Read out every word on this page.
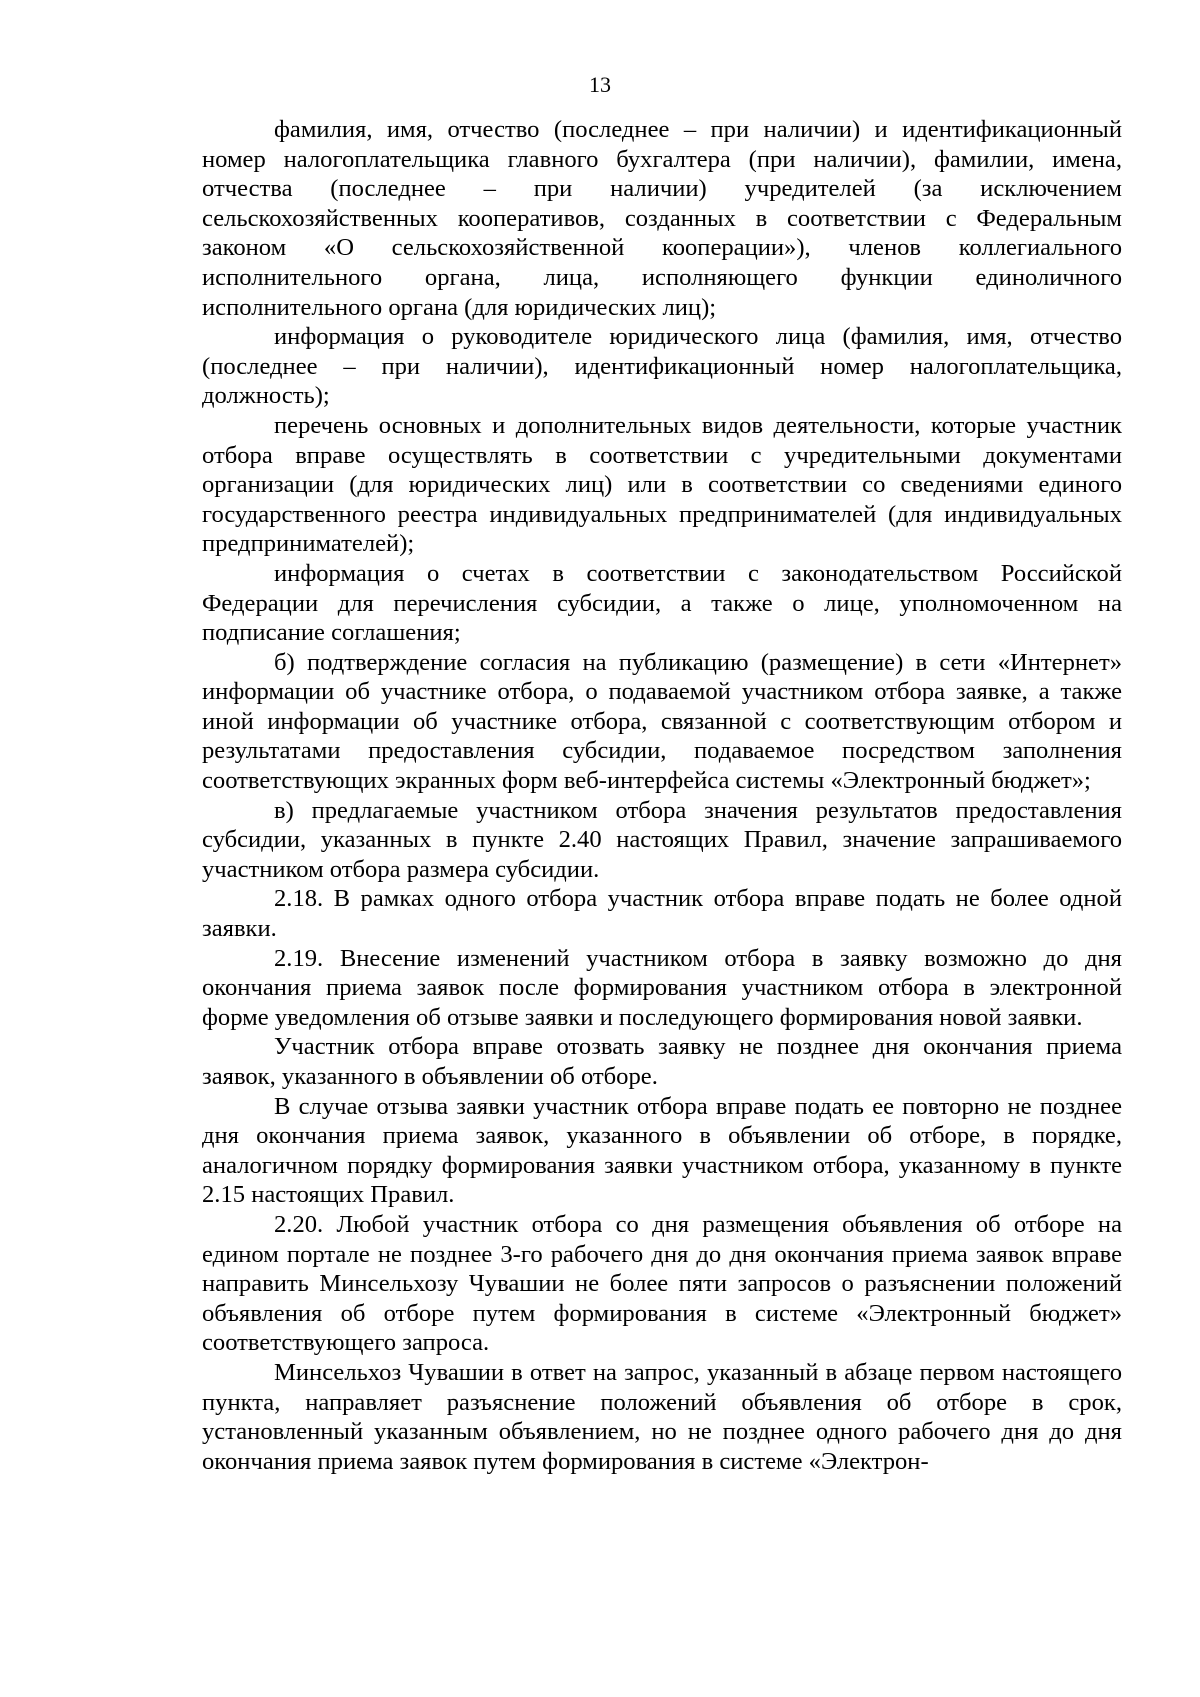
13

фамилия, имя, отчество (последнее – при наличии) и идентификационный номер налогоплательщика главного бухгалтера (при наличии), фамилии, имена, отчества (последнее – при наличии) учредителей (за исключением сельскохозяйственных кооперативов, созданных в соответствии с Федеральным законом «О сельскохозяйственной кооперации»), членов коллегиального исполнительного органа, лица, исполняющего функции единоличного исполнительного органа (для юридических лиц);

информация о руководителе юридического лица (фамилия, имя, отчество (последнее – при наличии), идентификационный номер налогоплательщика, должность);

перечень основных и дополнительных видов деятельности, которые участник отбора вправе осуществлять в соответствии с учредительными документами организации (для юридических лиц) или в соответствии со сведениями единого государственного реестра индивидуальных предпринимателей (для индивидуальных предпринимателей);

информация о счетах в соответствии с законодательством Российской Федерации для перечисления субсидии, а также о лице, уполномоченном на подписание соглашения;

б) подтверждение согласия на публикацию (размещение) в сети «Интернет» информации об участнике отбора, о подаваемой участником отбора заявке, а также иной информации об участнике отбора, связанной с соответствующим отбором и результатами предоставления субсидии, подаваемое посредством заполнения соответствующих экранных форм веб-интерфейса системы «Электронный бюджет»;

в) предлагаемые участником отбора значения результатов предоставления субсидии, указанных в пункте 2.40 настоящих Правил, значение запрашиваемого участником отбора размера субсидии.

2.18. В рамках одного отбора участник отбора вправе подать не более одной заявки.

2.19. Внесение изменений участником отбора в заявку возможно до дня окончания приема заявок после формирования участником отбора в электронной форме уведомления об отзыве заявки и последующего формирования новой заявки.

Участник отбора вправе отозвать заявку не позднее дня окончания приема заявок, указанного в объявлении об отборе.

В случае отзыва заявки участник отбора вправе подать ее повторно не позднее дня окончания приема заявок, указанного в объявлении об отборе, в порядке, аналогичном порядку формирования заявки участником отбора, указанному в пункте 2.15 настоящих Правил.

2.20. Любой участник отбора со дня размещения объявления об отборе на едином портале не позднее 3-го рабочего дня до дня окончания приема заявок вправе направить Минсельхозу Чувашии не более пяти запросов о разъяснении положений объявления об отборе путем формирования в системе «Электронный бюджет» соответствующего запроса.

Минсельхоз Чувашии в ответ на запрос, указанный в абзаце первом настоящего пункта, направляет разъяснение положений объявления об отборе в срок, установленный указанным объявлением, но не позднее одного рабочего дня до дня окончания приема заявок путем формирования в системе «Электрон-
